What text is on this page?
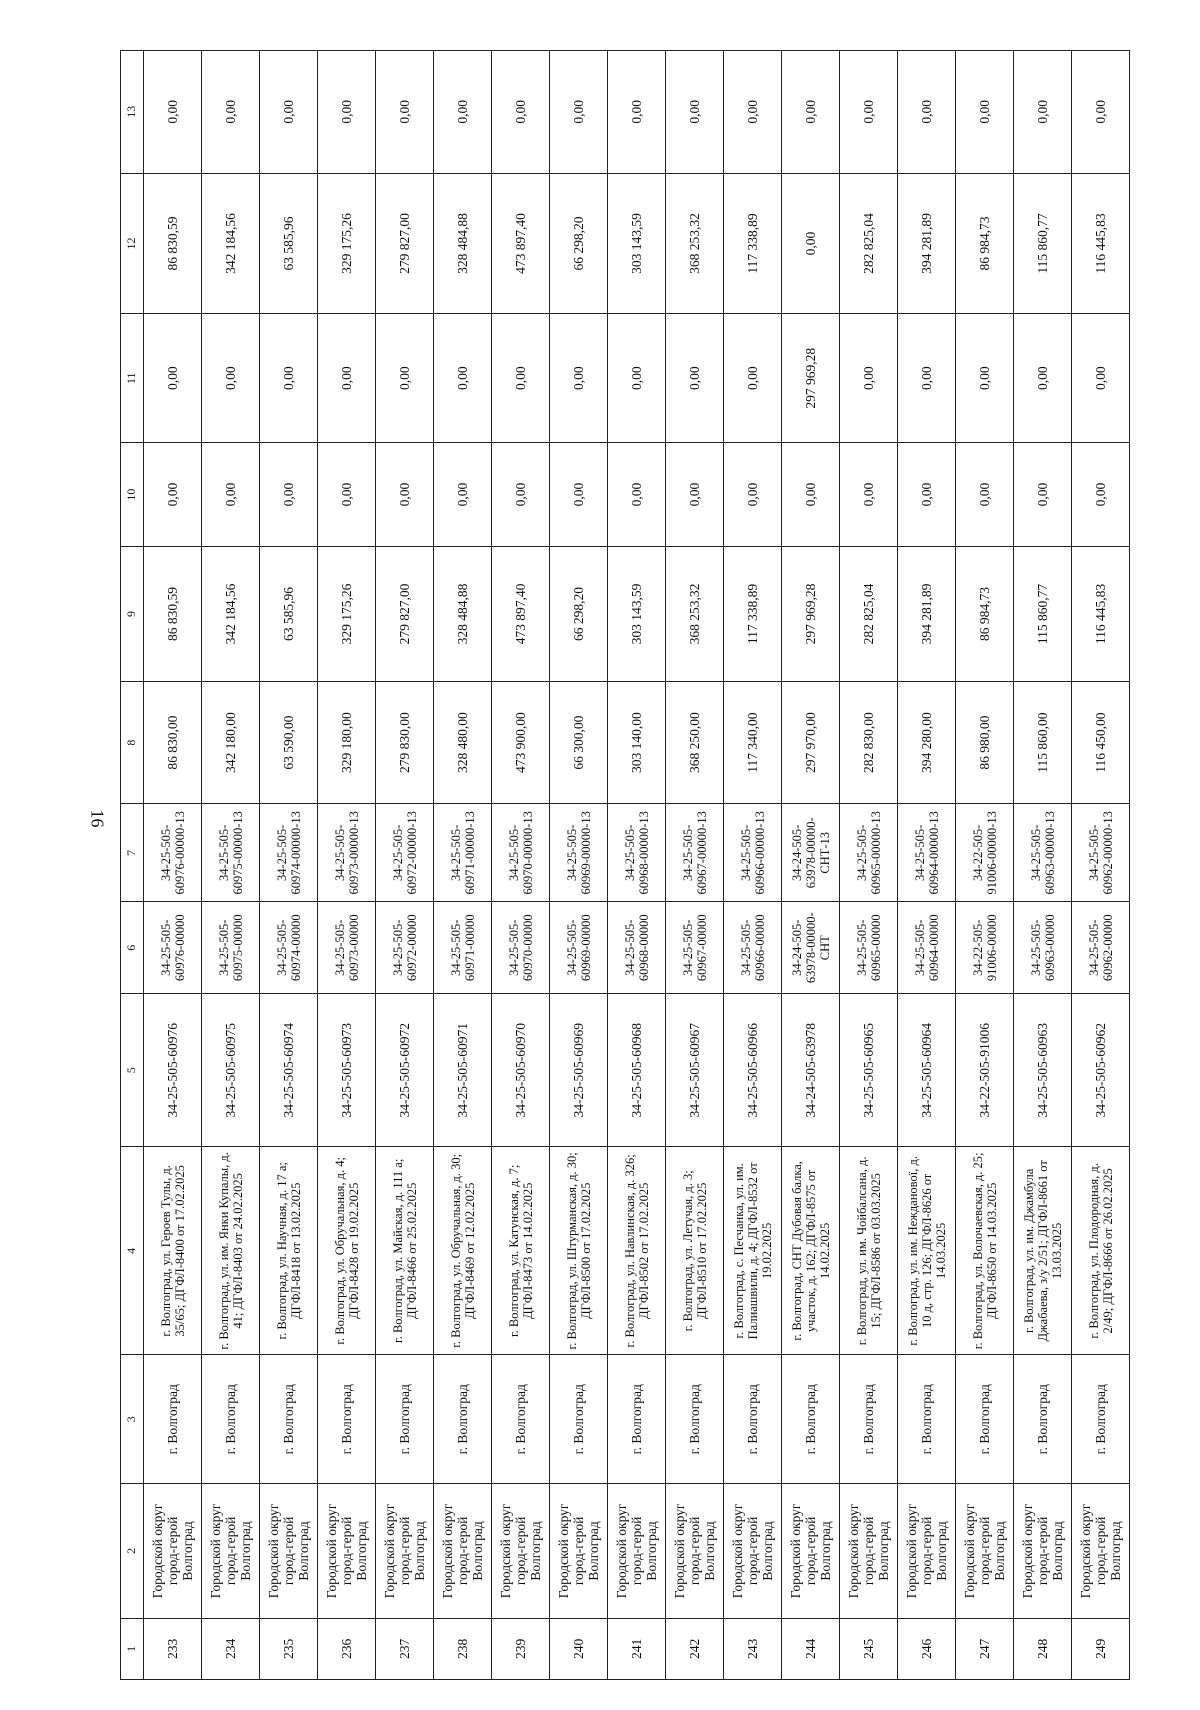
16
1	2	3	4	5	6	7	8	9	10	11	12	13
233	Городской округ город-герой Волгоград	г. Волгоград	г. Волгоград, ул. Героев Тулы, д. 35/65; ДГФЛ-8400 от 17.02.2025	34-25-505-60976	34-25-505-60976-00000	34-25-505-60976-00000-13	86 830,00	86 830,59	0,00	0,00	86 830,59	0,00
234	Городской округ город-герой Волгоград	г. Волгоград	г. Волгоград, ул. им. Янки Купалы, д. 41; ДГФЛ-8403 от 24.02.2025	34-25-505-60975	34-25-505-60975-00000	34-25-505-60975-00000-13	342 180,00	342 184,56	0,00	0,00	342 184,56	0,00
235	Городской округ город-герой Волгоград	г. Волгоград	г. Волгоград, ул. Научная, д. 17 а; ДГФЛ-8418 от 13.02.2025	34-25-505-60974	34-25-505-60974-00000	34-25-505-60974-00000-13	63 590,00	63 585,96	0,00	0,00	63 585,96	0,00
236	Городской округ город-герой Волгоград	г. Волгоград	г. Волгоград, ул. Обручальная, д. 4; ДГФЛ-8428 от 19.02.2025	34-25-505-60973	34-25-505-60973-00000	34-25-505-60973-00000-13	329 180,00	329 175,26	0,00	0,00	329 175,26	0,00
237	Городской округ город-герой Волгоград	г. Волгоград	г. Волгоград, ул. Майская, д. 111 а; ДГФЛ-8466 от 25.02.2025	34-25-505-60972	34-25-505-60972-00000	34-25-505-60972-00000-13	279 830,00	279 827,00	0,00	0,00	279 827,00	0,00
238	Городской округ город-герой Волгоград	г. Волгоград	г. Волгоград, ул. Обручальная, д. 30; ДГФЛ-8469 от 12.02.2025	34-25-505-60971	34-25-505-60971-00000	34-25-505-60971-00000-13	328 480,00	328 484,88	0,00	0,00	328 484,88	0,00
239	Городской округ город-герой Волгоград	г. Волгоград	г. Волгоград, ул. Катунская, д. 7; ДГФЛ-8473 от 14.02.2025	34-25-505-60970	34-25-505-60970-00000	34-25-505-60970-00000-13	473 900,00	473 897,40	0,00	0,00	473 897,40	0,00
240	Городской округ город-герой Волгоград	г. Волгоград	г. Волгоград, ул. Штурманская, д. 30; ДГФЛ-8500 от 17.02.2025	34-25-505-60969	34-25-505-60969-00000	34-25-505-60969-00000-13	66 300,00	66 298,20	0,00	0,00	66 298,20	0,00
241	Городской округ город-герой Волгоград	г. Волгоград	г. Волгоград, ул. Навлинская, д. 326; ДГФЛ-8502 от 17.02.2025	34-25-505-60968	34-25-505-60968-00000	34-25-505-60968-00000-13	303 140,00	303 143,59	0,00	0,00	303 143,59	0,00
242	Городской округ город-герой Волгоград	г. Волгоград	г. Волгоград, ул. Летучая, д. 3; ДГФЛ-8510 от 17.02.2025	34-25-505-60967	34-25-505-60967-00000	34-25-505-60967-00000-13	368 250,00	368 253,32	0,00	0,00	368 253,32	0,00
243	Городской округ город-герой Волгоград	г. Волгоград	г. Волгоград, с. Песчанка, ул. им. Палиашвили, д. 4; ДГФЛ-8532 от 19.02.2025	34-25-505-60966	34-25-505-60966-00000	34-25-505-60966-00000-13	117 340,00	117 338,89	0,00	0,00	117 338,89	0,00
244	Городской округ город-герой Волгоград	г. Волгоград	г. Волгоград, СНТ Дубовая балка, участок, д. 162; ДГФЛ-8575 от 14.02.2025	34-24-505-63978	34-24-505-63978-00000-СНТ	34-24-505-63978-00000-СНТ-13	297 970,00	297 969,28	0,00	297 969,28	0,00	0,00
245	Городской округ город-герой Волгоград	г. Волгоград	г. Волгоград, ул. им. Чойбалсана, д. 15; ДГФЛ-8586 от 03.03.2025	34-25-505-60965	34-25-505-60965-00000	34-25-505-60965-00000-13	282 830,00	282 825,04	0,00	0,00	282 825,04	0,00
246	Городской округ город-герой Волгоград	г. Волгоград	г. Волгоград, ул. им. Нежданової, д. 10 д, стр. 126; ДГФЛ-8626 от 14.03.2025	34-25-505-60964	34-25-505-60964-00000	34-25-505-60964-00000-13	394 280,00	394 281,89	0,00	0,00	394 281,89	0,00
247	Городской округ город-герой Волгоград	г. Волгоград	г. Волгоград, ул. Волочаевская, д. 25; ДГФЛ-8650 от 14.03.2025	34-22-505-91006	34-22-505-91006-00000	34-22-505-91006-00000-13	86 980,00	86 984,73	0,00	0,00	86 984,73	0,00
248	Городской округ город-герой Волгоград	г. Волгоград	г. Волгоград, ул. им. Джамбула Джабаева, з/у 2/51; ДГФЛ-8661 от 13.03.2025	34-25-505-60963	34-25-505-60963-00000	34-25-505-60963-00000-13	115 860,00	115 860,77	0,00	0,00	115 860,77	0,00
249	Городской округ город-герой Волгоград	г. Волгоград	г. Волгоград, ул. Плодородная, д. 2/49; ДГФЛ-8666 от 26.02.2025	34-25-505-60962	34-25-505-60962-00000	34-25-505-60962-00000-13	116 450,00	116 445,83	0,00	0,00	116 445,83	0,00
